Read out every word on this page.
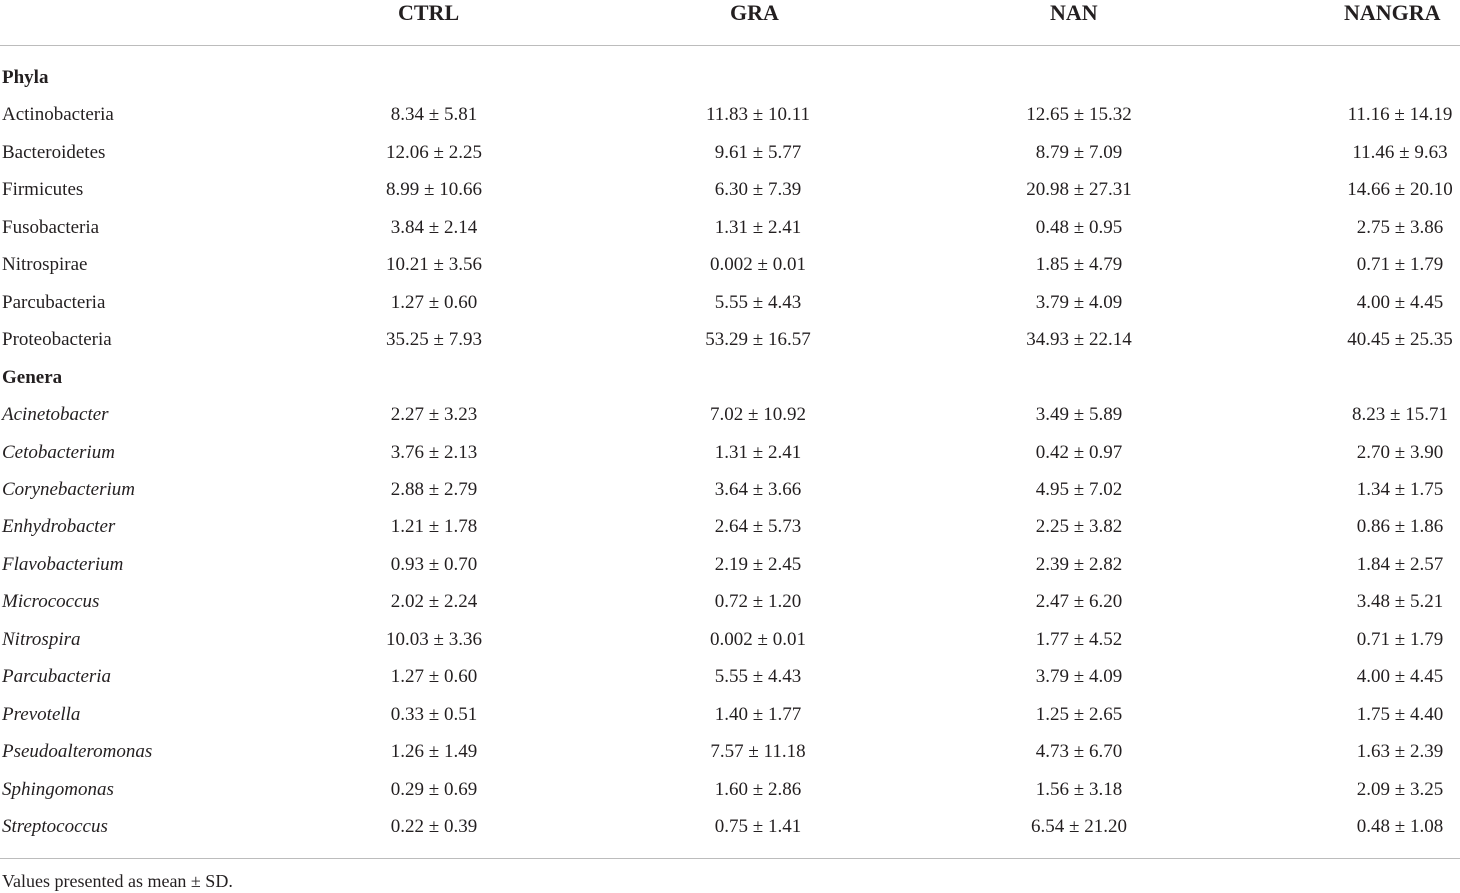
CTRL	GRA	NAN	NANGRA
Phyla
Actinobacteria	8.34 ± 5.81	11.83 ± 10.11	12.65 ± 15.32	11.16 ± 14.19
Bacteroidetes	12.06 ± 2.25	9.61 ± 5.77	8.79 ± 7.09	11.46 ± 9.63
Firmicutes	8.99 ± 10.66	6.30 ± 7.39	20.98 ± 27.31	14.66 ± 20.10
Fusobacteria	3.84 ± 2.14	1.31 ± 2.41	0.48 ± 0.95	2.75 ± 3.86
Nitrospirae	10.21 ± 3.56	0.002 ± 0.01	1.85 ± 4.79	0.71 ± 1.79
Parcubacteria	1.27 ± 0.60	5.55 ± 4.43	3.79 ± 4.09	4.00 ± 4.45
Proteobacteria	35.25 ± 7.93	53.29 ± 16.57	34.93 ± 22.14	40.45 ± 25.35
Genera
Acinetobacter	2.27 ± 3.23	7.02 ± 10.92	3.49 ± 5.89	8.23 ± 15.71
Cetobacterium	3.76 ± 2.13	1.31 ± 2.41	0.42 ± 0.97	2.70 ± 3.90
Corynebacterium	2.88 ± 2.79	3.64 ± 3.66	4.95 ± 7.02	1.34 ± 1.75
Enhydrobacter	1.21 ± 1.78	2.64 ± 5.73	2.25 ± 3.82	0.86 ± 1.86
Flavobacterium	0.93 ± 0.70	2.19 ± 2.45	2.39 ± 2.82	1.84 ± 2.57
Micrococcus	2.02 ± 2.24	0.72 ± 1.20	2.47 ± 6.20	3.48 ± 5.21
Nitrospira	10.03 ± 3.36	0.002 ± 0.01	1.77 ± 4.52	0.71 ± 1.79
Parcubacteria	1.27 ± 0.60	5.55 ± 4.43	3.79 ± 4.09	4.00 ± 4.45
Prevotella	0.33 ± 0.51	1.40 ± 1.77	1.25 ± 2.65	1.75 ± 4.40
Pseudoalteromonas	1.26 ± 1.49	7.57 ± 11.18	4.73 ± 6.70	1.63 ± 2.39
Sphingomonas	0.29 ± 0.69	1.60 ± 2.86	1.56 ± 3.18	2.09 ± 3.25
Streptococcus	0.22 ± 0.39	0.75 ± 1.41	6.54 ± 21.20	0.48 ± 1.08
Values presented as mean ± SD.
